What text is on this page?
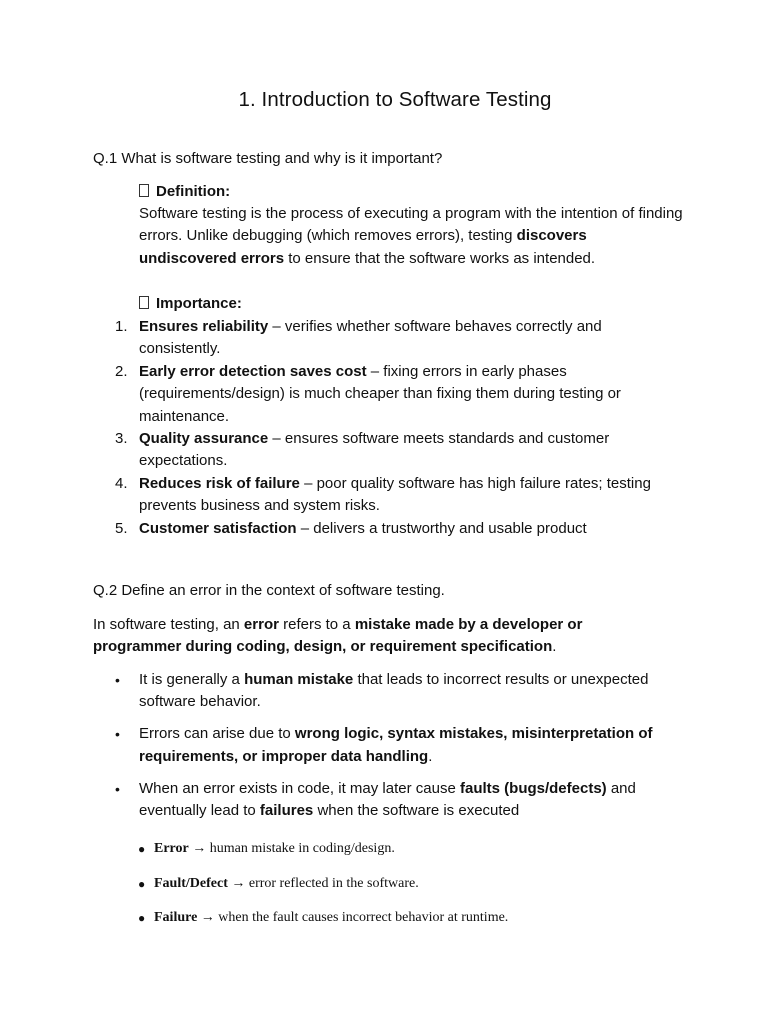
1. Introduction to Software Testing
Q.1 What is software testing and why is it important?
Definition:
Software testing is the process of executing a program with the intention of finding errors. Unlike debugging (which removes errors), testing discovers undiscovered errors to ensure that the software works as intended.
Importance:
1. Ensures reliability – verifies whether software behaves correctly and consistently.
2. Early error detection saves cost – fixing errors in early phases (requirements/design) is much cheaper than fixing them during testing or maintenance.
3. Quality assurance – ensures software meets standards and customer expectations.
4. Reduces risk of failure – poor quality software has high failure rates; testing prevents business and system risks.
5. Customer satisfaction – delivers a trustworthy and usable product
Q.2 Define an error in the context of software testing.
In software testing, an error refers to a mistake made by a developer or programmer during coding, design, or requirement specification.
• It is generally a human mistake that leads to incorrect results or unexpected software behavior.
• Errors can arise due to wrong logic, syntax mistakes, misinterpretation of requirements, or improper data handling.
• When an error exists in code, it may later cause faults (bugs/defects) and eventually lead to failures when the software is executed
● Error → human mistake in coding/design.
● Fault/Defect → error reflected in the software.
● Failure → when the fault causes incorrect behavior at runtime.
